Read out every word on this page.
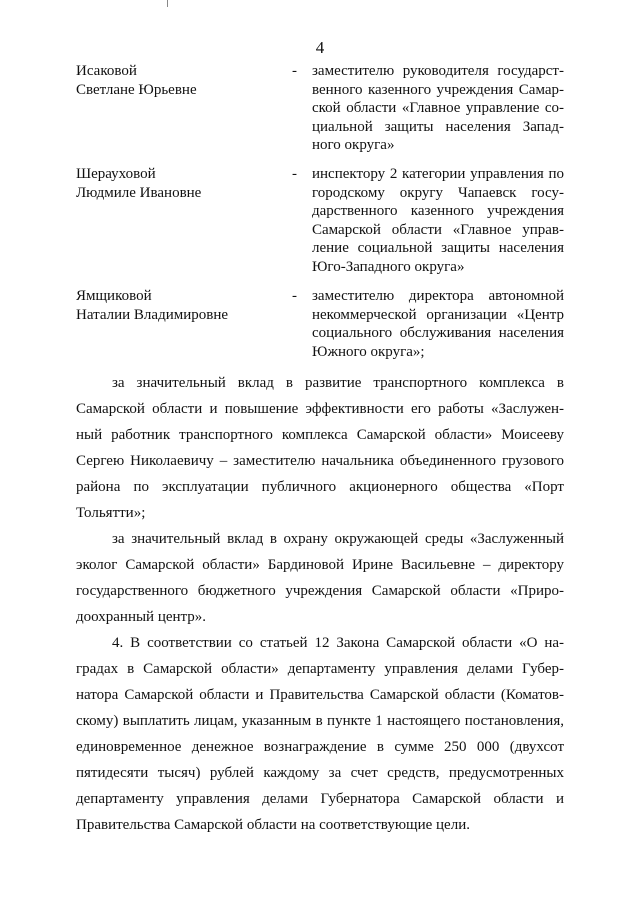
4
Исаковой
Светлане Юрьевне
- заместителю руководителя государст-
венного казенного учреждения Самар-
ской области «Главное управление со-
циальной защиты населения Запад-
ного округа»
Шерауховой
Людмиле Ивановне
- инспектору 2 категории управления по
городскому округу Чапаевск госу-
дарственного казенного учреждения
Самарской области «Главное управ-
ление социальной защиты населения
Юго-Западного округа»
Ямщиковой
Наталии Владимировне
- заместителю директора автономной
некоммерческой организации «Центр
социального обслуживания населения
Южного округа»;
за значительный вклад в развитие транспортного комплекса в
Самарской области и повышение эффективности его работы «Заслужен-
ный работник транспортного комплекса Самарской области» Моисееву
Сергею Николаевичу – заместителю начальника объединенного грузового
района по эксплуатации публичного акционерного общества «Порт
Тольятти»;
за значительный вклад в охрану окружающей среды «Заслуженный
эколог Самарской области» Бардиновой Ирине Васильевне – директору
государственного бюджетного учреждения Самарской области «Приро-
доохранный центр».
4. В соответствии со статьей 12 Закона Самарской области «О на-
градах в Самарской области» департаменту управления делами Губер-
натора Самарской области и Правительства Самарской области (Коматов-
скому) выплатить лицам, указанным в пункте 1 настоящего постановления,
единовременное денежное вознаграждение в сумме 250 000 (двухсот
пятидесяти тысяч) рублей каждому за счет средств, предусмотренных
департаменту управления делами Губернатора Самарской области и
Правительства Самарской области на соответствующие цели.
